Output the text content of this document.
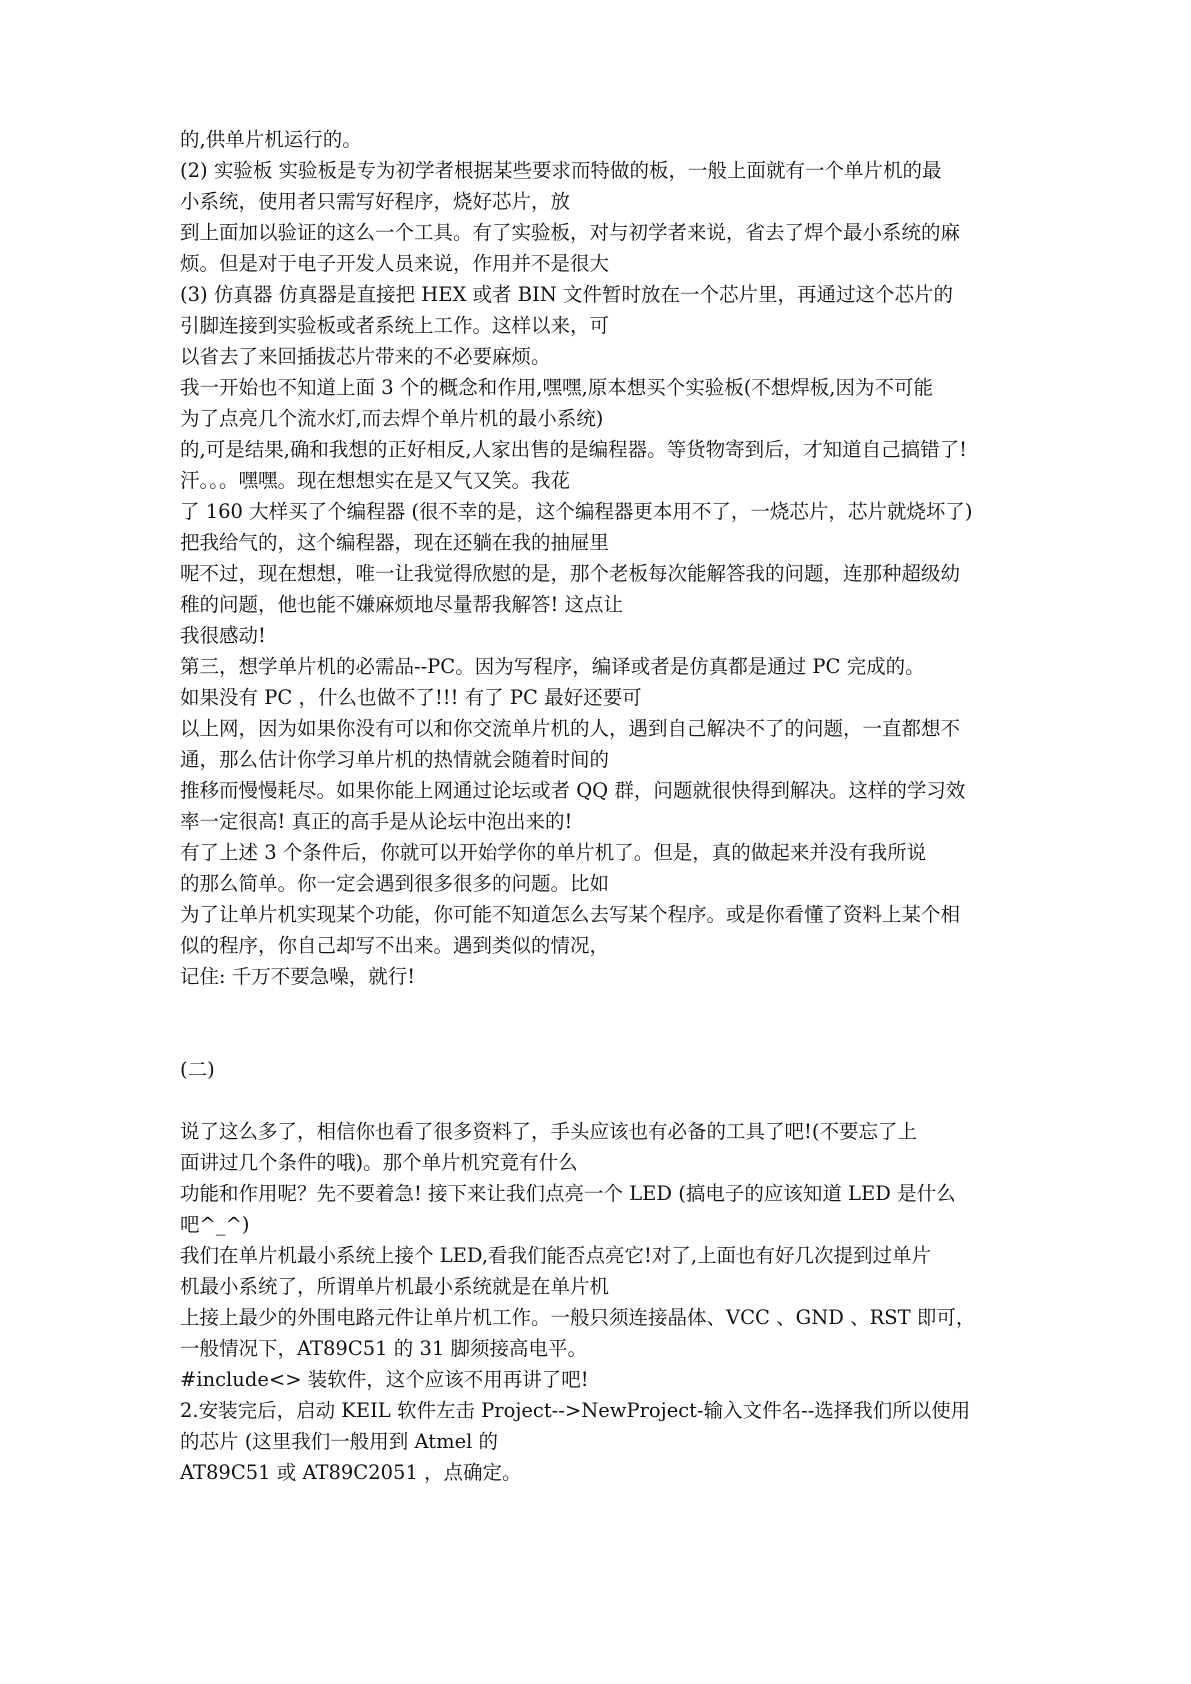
的,供单片机运行的。
(2) 实验板 实验板是专为初学者根据某些要求而特做的板，一般上面就有一个单片机的最
小系统，使用者只需写好程序，烧好芯片，放
到上面加以验证的这么一个工具。有了实验板，对与初学者来说，省去了焊个最小系统的麻
烦。但是对于电子开发人员来说，作用并不是很大
(3) 仿真器 仿真器是直接把 HEX 或者 BIN 文件暂时放在一个芯片里，再通过这个芯片的
引脚连接到实验板或者系统上工作。这样以来，可
以省去了来回插拔芯片带来的不必要麻烦。
我一开始也不知道上面 3 个的概念和作用,嘿嘿,原本想买个实验板(不想焊板,因为不可能
为了点亮几个流水灯,而去焊个单片机的最小系统)
的,可是结果,确和我想的正好相反,人家出售的是编程器。等货物寄到后，才知道自己搞错了!
汗。。。嘿嘿。现在想想实在是又气又笑。我花
了 160 大样买了个编程器 (很不幸的是，这个编程器更本用不了，一烧芯片，芯片就烧坏了)
把我给气的，这个编程器，现在还躺在我的抽屉里
呢不过，现在想想，唯一让我觉得欣慰的是，那个老板每次能解答我的问题，连那种超级幼
稚的问题，他也能不嫌麻烦地尽量帮我解答! 这点让
我很感动!
第三，想学单片机的必需品--PC。因为写程序，编译或者是仿真都是通过 PC 完成的。
如果没有 PC ，什么也做不了!!! 有了 PC 最好还要可
以上网，因为如果你没有可以和你交流单片机的人，遇到自己解决不了的问题，一直都想不
通，那么估计你学习单片机的热情就会随着时间的
推移而慢慢耗尽。如果你能上网通过论坛或者 QQ 群，问题就很快得到解决。这样的学习效
率一定很高! 真正的高手是从论坛中泡出来的!
有了上述 3 个条件后，你就可以开始学你的单片机了。但是，真的做起来并没有我所说
的那么简单。你一定会遇到很多很多的问题。比如
为了让单片机实现某个功能，你可能不知道怎么去写某个程序。或是你看懂了资料上某个相
似的程序，你自己却写不出来。遇到类似的情况，
记住: 千万不要急噪，就行!
(二)
说了这么多了，相信你也看了很多资料了，手头应该也有必备的工具了吧!(不要忘了上
面讲过几个条件的哦)。那个单片机究竟有什么
功能和作用呢？先不要着急! 接下来让我们点亮一个 LED (搞电子的应该知道 LED 是什么
吧^_^)
我们在单片机最小系统上接个 LED,看我们能否点亮它!对了,上面也有好几次提到过单片
机最小系统了，所谓单片机最小系统就是在单片机
上接上最少的外围电路元件让单片机工作。一般只须连接晶体、VCC 、GND 、RST 即可，
一般情况下，AT89C51 的 31 脚须接高电平。
#include<> 装软件，这个应该不用再讲了吧!
2.安装完后，启动 KEIL 软件左击 Project-->NewProject-输入文件名--选择我们所以使用
的芯片 (这里我们一般用到 Atmel 的
AT89C51 或 AT89C2051 ，点确定。
